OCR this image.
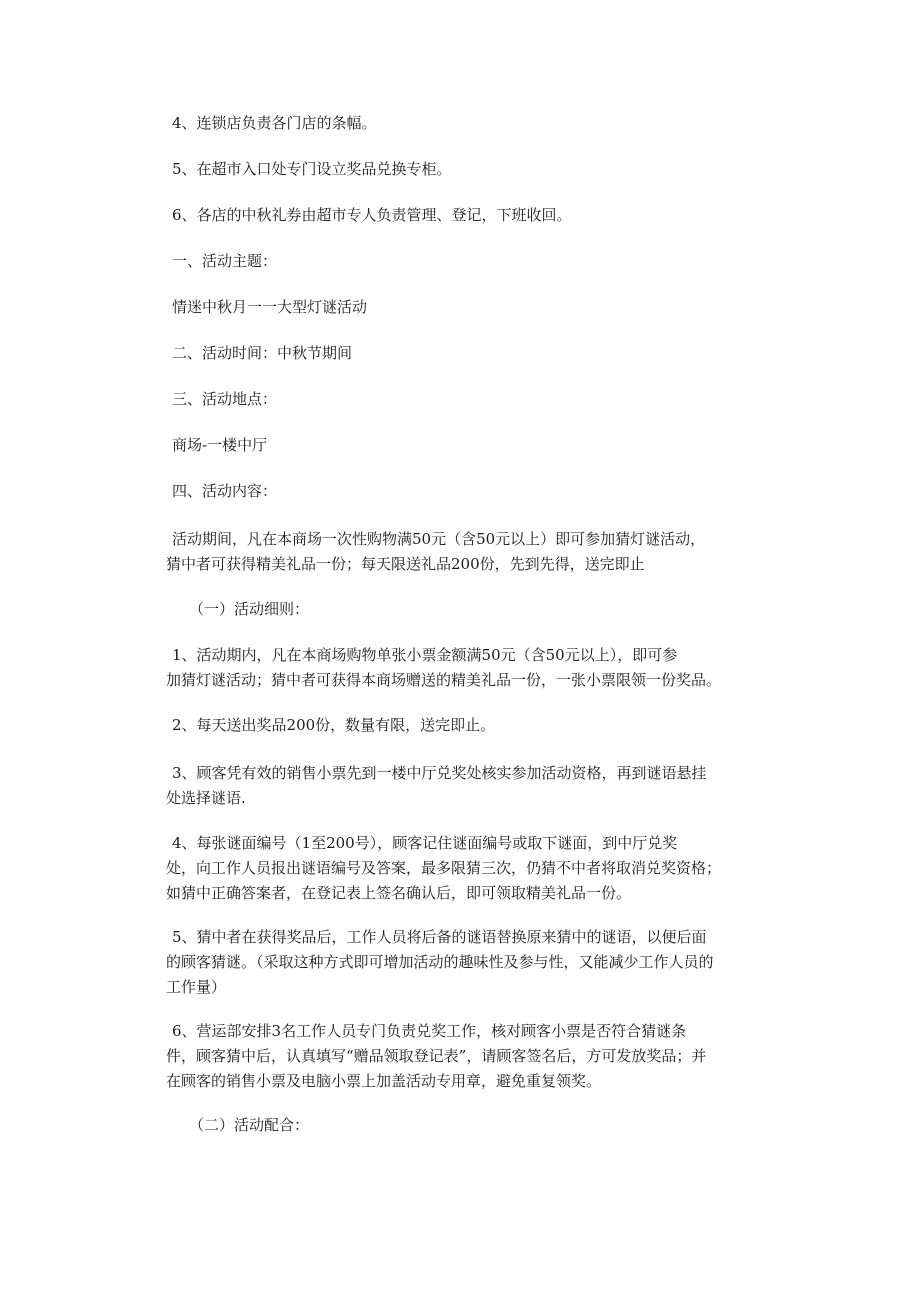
4、连锁店负责各门店的条幅。

5、在超市入口处专门设立奖品兑换专柜。

6、各店的中秋礼券由超市专人负责管理、登记，下班收回。

一、活动主题：

情迷中秋月一一大型灯谜活动

二、活动时间：中秋节期间

三、活动地点：

商场-一楼中厅

四、活动内容：

活动期间，凡在本商场一次性购物满50元（含50元以上）即可参加猜灯谜活动，
猜中者可获得精美礼品一份；每天限送礼品200份，先到先得，送完即止

（一）活动细则：

1、活动期内，凡在本商场购物单张小票金额满50元（含50元以上），即可参
加猜灯谜活动；猜中者可获得本商场赠送的精美礼品一份，一张小票限领一份奖品。

2、每天送出奖品200份，数量有限，送完即止。

3、顾客凭有效的销售小票先到一楼中厅兑奖处核实参加活动资格，再到谜语悬挂
处选择谜语.

4、每张谜面编号（1至200号），顾客记住谜面编号或取下谜面，到中厅兑奖
处，向工作人员报出谜语编号及答案，最多限猜三次，仍猜不中者将取消兑奖资格；
如猜中正确答案者，在登记表上签名确认后，即可领取精美礼品一份。

5、猜中者在获得奖品后，工作人员将后备的谜语替换原来猜中的谜语，以便后面
的顾客猜谜。（采取这种方式即可增加活动的趣味性及参与性，又能减少工作人员的
工作量）

6、营运部安排3名工作人员专门负责兑奖工作，核对顾客小票是否符合猜谜条
件，顾客猜中后，认真填写“赠品领取登记表”，请顾客签名后，方可发放奖品；并
在顾客的销售小票及电脑小票上加盖活动专用章，避免重复领奖。

（二）活动配合：
